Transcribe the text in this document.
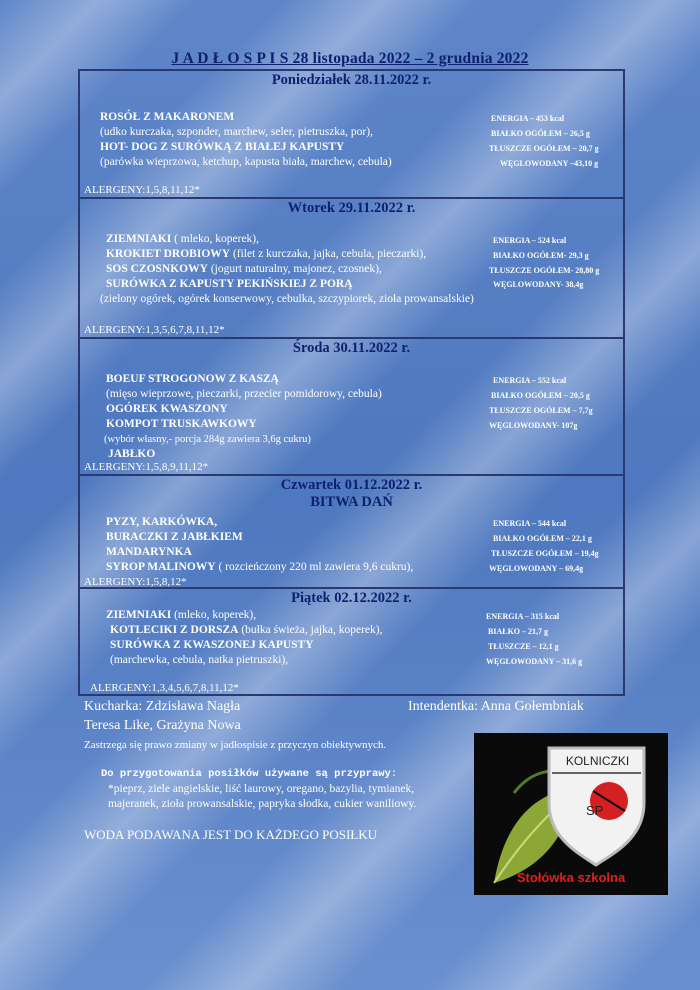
J A D Ł O S P I S 28 listopada 2022 – 2 grudnia 2022
Poniedziałek 28.11.2022 r.
ROSÓŁ Z MAKARONEM
(udko kurczaka, szponder, marchew, seler, pietruszka, por),
HOT- DOG Z SURÓWKĄ Z BIAŁEJ KAPUSTY
(parówka wieprzowa, ketchup, kapusta biała, marchew, cebula)
ENERGIA – 453 kcal
BIAŁKO OGÓŁEM – 26,5 g
TŁUSZCZE OGÓŁEM – 20,7 g
WĘGLOWODANY –43,10 g
ALERGENY:1,5,8,11,12*
Wtorek 29.11.2022 r.
ZIEMNIAKI ( mleko, koperek),
KROKIET DROBIOWY (filet z kurczaka, jajka, cebula, pieczarki),
SOS CZOSNKOWY (jogurt naturalny, majonez, czosnek),
SURÓWKA Z KAPUSTY PEKIŃSKIEJ Z PORĄ
(zielony ogórek, ogórek konserwowy, cebulka, szczypiorek, zioła prowansalskie)
ENERGIA – 524 kcal
BIAŁKO OGÓŁEM- 29,3 g
TŁUSZCZE OGÓŁEM- 28,80 g
WĘGLOWODANY- 38,4g
ALERGENY:1,3,5,6,7,8,11,12*
Środa 30.11.2022 r.
BOEUF STROGONOW Z KASZĄ
(mięso wieprzowe, pieczarki, przecier pomidorowy, cebula)
OGÓREK KWASZONY
KOMPOT TRUSKAWKOWY
(wybór własny,- porcja 284g zawiera 3,6g cukru)
JABŁKO
ENERGIA – 552 kcal
BIAŁKO OGÓŁEM – 20,5 g
TŁUSZCZE OGÓŁEM – 7,7g
WĘGLOWODANY- 107g
ALERGENY:1,5,8,9,11,12*
Czwartek 01.12.2022 r.
BITWA DAŃ
PYZY, KARKÓWKA,
BURACZKI Z JABŁKIEM
MANDARYNKA
SYROP MALINOWY ( rozcieńczony 220 ml zawiera 9,6 cukru),
ENERGIA – 544 kcal
BIAŁKO OGÓŁEM – 22,1 g
TŁUSZCZE OGÓŁEM – 19,4g
WĘGLOWODANY – 69,4g
ALERGENY:1,5,8,12*
Piątek 02.12.2022 r.
ZIEMNIAKI (mleko, koperek),
KOTLECIKI Z DORSZA (bułka świeża, jajka, koperek),
SURÓWKA Z KWASZONEJ KAPUSTY
(marchewka, cebula, natka pietruszki),
ENERGIA – 315 kcal
BIAŁKO – 21,7 g
TŁUSZCZE – 12,1 g
WĘGLOWODANY – 31,6 g
ALERGENY:1,3,4,5,6,7,8,11,12*
Kucharka: Zdzisława Nagła	Intendentka: Anna Gołembniak
Teresa Like, Grażyna Nowa
Zastrzega się prawo zmiany w jadłospisie z przyczyn obiektywnych.
Do przygotowania posiłków używane są przyprawy:
*pieprz, ziele angielskie, liść laurowy, oregano, bazylia, tymianek,
majeranek, zioła prowansalskie, papryka słodka, cukier waniliowy.
WODA PODAWANA JEST DO KAŻDEGO POSIŁKU
KOLNICZKI
SP
Stołówka szkolna
